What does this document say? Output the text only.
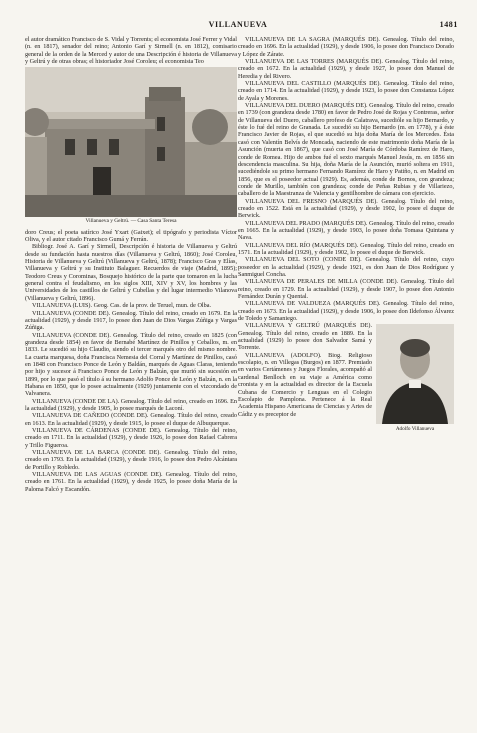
VILLANUEVA	1481

el autor dramático Francisco de S. Vidal y Torrents; el economista José Ferrer y Vidal (n. en 1817), senador del reino; Antonio Garí y Sirmell (n. en 1812), comisario general de la orden de la Merced y autor de una Descripción é historia de Villanueva y Geltrú y de otras obras; el historiador José Coroleu; el economista Teo

Villanueva y Geltrú. — Casa Santa Teresa

doro Creus; el poeta satírico José Yxart (Gaixet); el tipógrafo y periodista Víctor Oliva, y el autor citado Francisco Gumá y Ferrán.

Bibliogr. José A. Garí y Sirmell, Descripción é historia de Villanueva y Geltrú desde su fundación hasta nuestros días (Villanueva y Geltrú, 1860); José Coroleu, Historia de Villanueva y Geltrú (Villanueva y Geltrú, 1878); Francisco Gras y Elías, Villanueva y Geltrú y su Instituto Balaguer. Recuerdos de viaje (Madrid, 1895); Teodoro Creus y Corominas, Bosquejo histórico de la parte que tomaron en la lucha general contra el feudalismo, en los siglos XIII, XIV y XV, los hombres y las Universidades de los castillos de Geltrú y Cubellas y del lugar intermedio Vilanova (Villanueva y Geltrú, 1896).

VILLANUEVA (LUIS). Geog. Cas. de la prov. de Teruel, mun. de Olba.

VILLANUEVA (CONDE DE). Genealog. Título del reino, creado en 1679. En la actualidad (1929), y desde 1917, lo posee don Juan de Dios Vargas Zúñiga y Vargas Zúñiga.

VILLANUEVA (CONDE DE). Genealog. Título del reino, creado en 1825 (con grandeza desde 1854) en favor de Bernabé Martínez de Pinillos y Ceballos, m. en 1833. Le sucedió su hijo Claudio, siendo el tercer marqués otro del mismo nombre. La cuarta marquesa, doña Francisca Nemesia del Corral y Martínez de Pinillos, casó en 1848 con Francisco Ponce de León y Baldán, marqués de Aguas Claras, teniendo por hijo y sucesor á Francisco Ponce de León y Balzán, que murió sin sucesión en 1899, por lo que pasó el título á su hermano Adolfo Ponce de León y Balzán, n. en la Habana en 1850, que lo posee actualmente (1929) juntamente con el vizcondado de Valvanera.

VILLANUEVA (CONDE DE LA). Genealog. Título del reino, creado en 1696. En la actualidad (1929), y desde 1905, lo posee marqués de Laconí.

VILLANUEVA DE CAÑEDO (CONDE DE). Genealog. Título del reino, creado en 1613. En la actualidad (1929), y desde 1915, lo posee el duque de Albuquerque.

VILLANUEVA DE CÁRDENAS (CONDE DE). Genealog. Título del reino, creado en 1711. En la actualidad (1929), y desde 1926, lo posee don Rafael Cabrera y Trillo Figueroa.

VILLANUEVA DE LA BARCA (CONDE DE). Genealog. Título del reino, creado en 1793. En la actualidad (1929), y desde 1916, lo posee don Pedro Alcántara de Portillo y Robledo.

VILLANUEVA DE LAS AGUAS (CONDE DE). Genealog. Título del reino, creado en 1761. En la actualidad (1929), y desde 1925, lo posee doña María de la Paloma Falcó y Escandón.

VILLANUEVA DE LA SAGRA (MARQUÉS DE). Genealog. Título del reino, creado en 1696. En la actualidad (1929), y desde 1906, lo posee don Francisco Dorado y López de Zárate.

VILLANUEVA DE LAS TORRES (MARQUÉS DE). Genealog. Título del reino, creado en 1672. En la actualidad (1929), y desde 1927, lo posee don Manuel de Heredia y del Rivero.

VILLANUEVA DEL CASTILLO (MARQUÉS DE). Genealog. Título del reino, creado en 1714. En la actualidad (1929), y desde 1923, lo posee don Constanza López de Ayala y Morenes.

VILLANUEVA DEL DUERO (MARQUÉS DE). Genealog. Título del reino, creado en 1739 (con grandeza desde 1780) en favor de Pedro José de Rojas y Contreras, señor de Villanueva del Duero, caballero profeso de Calatrava, sucedióle su hijo Bernardo, y éste lo fué del reino de Granada. Le sucedió su hijo Bernardo (m. en 1778), y á éste Francisco Javier de Rojas, el que sucedió su hija doña María de los Mercedes. Ésta casó con Valentín Belvís de Moncada, naciendo de este matrimonio doña María de la Asunción (muerta en 1867), que casó con José María de Córdoba Ramírez de Haro, conde de Romea. Hijo de ambos fué el sexto marqués Manuel Jesús, m. en 1856 sin descendencia masculina. Su hija, doña María de la Asunción, murió soltera en 1911, sucediéndole su primo hermano Fernando Ramírez de Haro y Patiño, n. en Madrid en 1856, que es el poseedor actual (1929). Es, además, conde de Bornos, con grandeza; conde de Murillo, también con grandeza; conde de Peñas Rubias y de Villariezo, caballero de la Maestranza de Valencia y gentilhombre de cámara con ejercicio.

VILLANUEVA DEL FRESNO (MARQUÉS DE). Genealog. Título del reino, creado en 1522. Está en la actualidad (1929), y desde 1902, lo posee el duque de Berwick.

VILLANUEVA DEL PRADO (MARQUÉS DE). Genealog. Título del reino, creado en 1665. En la actualidad (1929), y desde 1903, lo posee doña Tomasa Quintana y Nava.

VILLANUEVA DEL RÍO (MARQUÉS DE). Genealog. Título del reino, creado en 1571. En la actualidad (1929), y desde 1902, lo posee el duque de Berwick.

VILLANUEVA DEL SOTO (CONDE DE). Genealog. Título del reino, cuyo poseedor en la actualidad (1929), y desde 1921, es don Juan de Dios Rodríguez y Sanmiguel Concha.

VILLANUEVA DE PERALES DE MILLA (CONDE DE). Genealog. Título del reino, creado en 1729. En la actualidad (1929), y desde 1907, lo posee don Antonio Fernández Durán y Quental.

VILLANUEVA DE VALDUEZA (MARQUÉS DE). Genealog. Título del reino, creado en 1673. En la actualidad (1929), y desde 1906, lo posee don Ildefonso Álvarez de Toledo y Samaniego.

Adolfo Villanueva

VILLANUEVA Y GELTRÚ (MARQUÉS DE). Genealog. Título del reino, creado en 1889. En la actualidad (1929) lo posee don Salvador Samá y Torrente.

VILLANUEVA (ADOLFO). Biog. Religioso escolapio, n. en Villegas (Burgos) en 1877. Premiado en varios Certámenes y Juegos Florales, acompañó al cardenal Benlloch en su viaje a América como cronista y en la actualidad es director de la Escuela Cubana de Comercio y Lenguas en el Colegio Escolapio de Pamplona. Pertenece á la Real Academia Hispano Americana de Ciencias y Artes de Cádiz y es preceptor de
